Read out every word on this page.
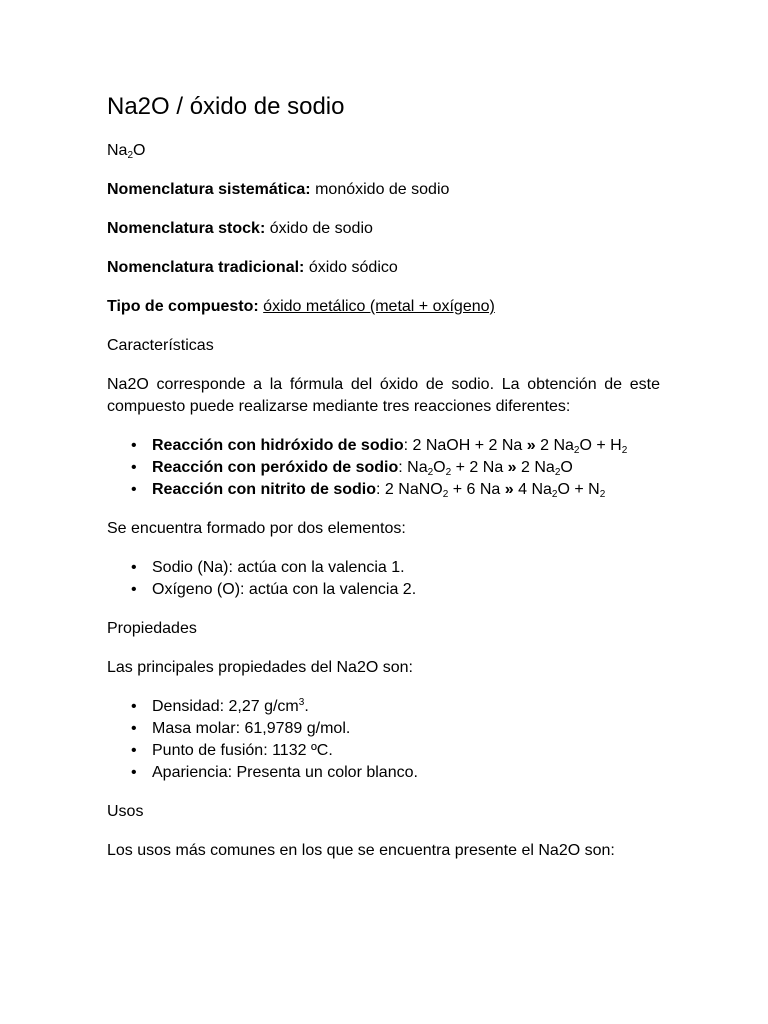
Na2O / óxido de sodio

$Na_2O$

Nomenclatura sistemática: monóxido de sodio

Nomenclatura stock: óxido de sodio

Nomenclatura tradicional: óxido sódico

Tipo de compuesto: óxido metálico (metal + oxígeno)

Características

Na2O corresponde a la fórmula del óxido de sodio. La obtención de este compuesto puede realizarse mediante tres reacciones diferentes:

• Reacción con hidróxido de sodio: 2 NaOH + 2 Na » 2 $Na_2O + H_2$
• Reacción con peróxido de sodio: $Na_2O_2 + 2$ Na » 2 $Na_2O$
• Reacción con nitrito de sodio: 2 NaNO$_2$ + 6 Na » 4 $Na_2O + N_2$

Se encuentra formado por dos elementos:

• Sodio (Na): actúa con la valencia 1.
• Oxígeno (O): actúa con la valencia 2.

Propiedades

Las principales propiedades del Na2O son:

• Densidad: 2,27 $g/cm^3$.
• Masa molar: 61,9789 g/mol.
• Punto de fusión: 1132 ºC.
• Apariencia: Presenta un color blanco.

Usos

Los usos más comunes en los que se encuentra presente el Na2O son:
